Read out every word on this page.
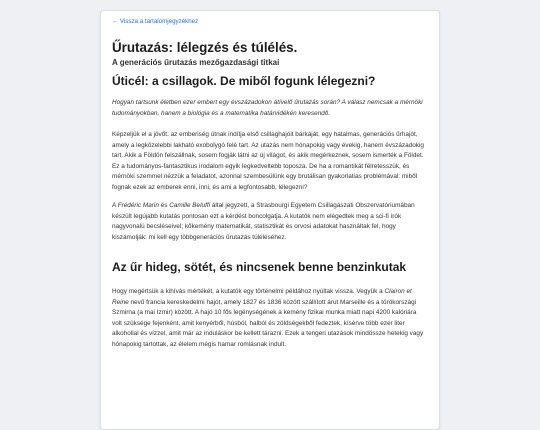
← Vissza a tartalomjegyzékhez
Űrutazás: lélegzés és túlélés.
A generációs űrutazás mezőgazdasági titkai
Úticél: a csillagok. De miből fogunk lélegezni?

Hogyan tartsunk életben ezer embert egy évszázadokon átívelő űrutazás során? A válasz nemcsak a mérnöki tudományokban, hanem a biológia és a matematika határvidékén keresendő.

Képzeljük el a jövőt: az emberiség útnak indítja első csillaghajóit bárkáját, egy hatalmas, generációs űrhajót, amely a legközelebbi lakható exobolygó felé tart. Az utazás nem hónapokig vagy évekig, hanem évszázadokig tart. Akik a Földön felszállnak, sosem fogják látni az új világot, és akik megérkeznek, sosem ismerték a Földet. Ez a tudományos-fantasztikus irodalom egyik legkedveltebb toposza. De ha a romantikát félretesszük, és mérnöki szemmel nézzük a feladatot, azonnal szembesülünk egy brutálisan gyakorlatias problémával: miből fognak ezek az emberek enni, inni, és ami a legfontosabb, lélegezni?

A Frédéric Marin és Camille Beluffi által jegyzett, a Strasbourgi Egyetem Csillagászati Obszervatóriumában készült legújabb kutatás pontosan ezt a kérdést boncolgatja. A kutatók nem elégedtek meg a sci-fi írók nagyvonalú becsléseivel; kőkemény matematikát, statisztikát és orvosi adatokat használtak fel, hogy kiszámolják: mi kell egy többgenerációs űrutazás túléléséhez.

Az űr hideg, sötét, és nincsenek benne benzinkutak

Hogy megértsük a kihívás mértékét, a kutatók egy történelmi példához nyúltak vissza. Vegyük a Clairon et Reine nevű francia kereskedelmi hajót, amely 1827 és 1836 között szállított árut Marseille és a törökországi Szmirna (a mai Izmir) között. A hajó 10 fős legénységének a kemény fizikai munka miatt napi 4200 kalóriára volt szüksége fejenként, amit kenyérből, húsból, halból és zöldségekből fedeztek, kísérve több ezer liter alkohollal és vízzel, amit már az induláskor be kellett tárazni. Ezek a tengeri utazások mindössze hetekig vagy hónapokig tartottak, az élelem mégis hamar romlásnak indult.
